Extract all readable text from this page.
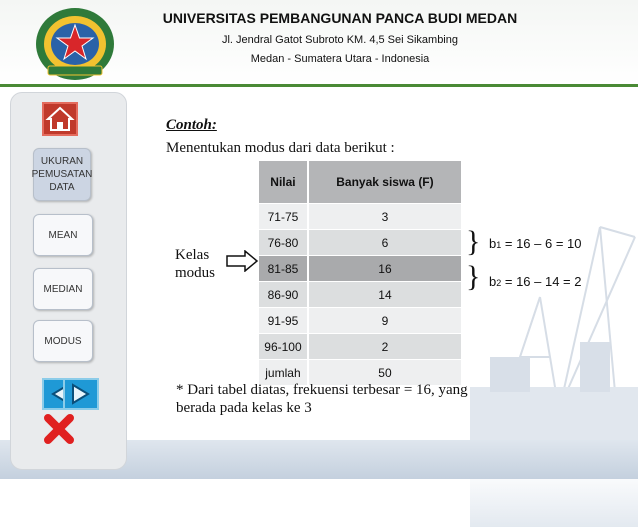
UNIVERSITAS PEMBANGUNAN PANCA BUDI MEDAN
Jl. Jendral Gatot Subroto KM. 4,5 Sei Sikambing
Medan - Sumatera Utara - Indonesia
UKURAN PEMUSATAN DATA
MEAN
MEDIAN
MODUS
Contoh:
Menentukan modus dari data berikut :
Nilai	Banyak siswa (F)
71-75	3
76-80	6
81-85	16
86-90	14
91-95	9
96-100	2
jumlah	50
Kelas
modus
} b1 = 16 – 6 = 10
} b2 = 16 – 14 = 2
* Dari tabel diatas, frekuensi terbesar = 16, yang berada pada kelas ke 3
